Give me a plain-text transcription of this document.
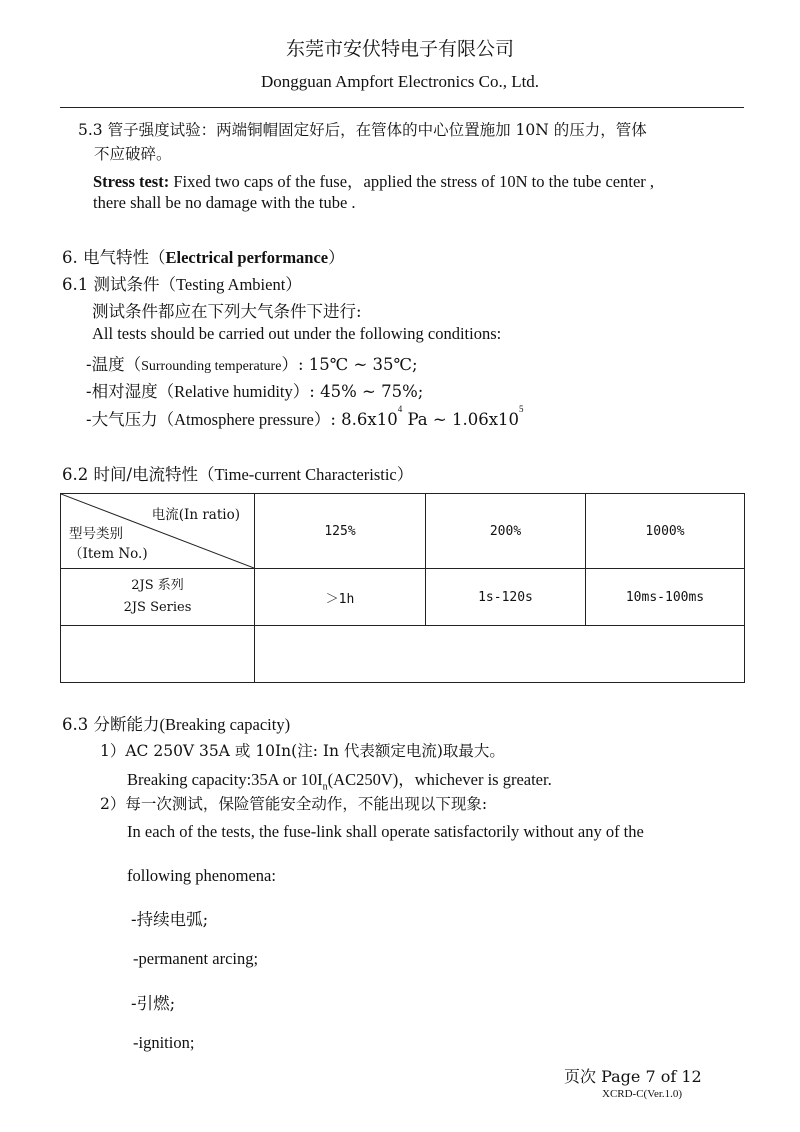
东莞市安伏特电子有限公司
Dongguan Ampfort Electronics Co., Ltd.
5.3 管子强度试验：两端铜帽固定好后，在管体的中心位置施加 10N 的压力，管体
不应破碎。
Stress test: Fixed two caps of the fuse，applied the stress of 10N to the tube center ,
there shall be no damage with the tube .
6. 电气特性（Electrical performance）
6.1 测试条件（Testing Ambient）
测试条件都应在下列大气条件下进行:
All tests should be carried out under the following conditions:
-温度（Surrounding temperature）: 15℃ ~ 35℃;
-相对湿度（Relative humidity）: 45% ~ 75%;
-大气压力（Atmosphere pressure）: $8.6x10^4$ Pa ~ $1.06x10^5$
6.2 时间/电流特性（Time-current Characteristic）
电流(In ratio)
型号类别
（Item No.)	125%	200%	1000%

2JS 系列
2JS Series	＞1h	1s-120s	10ms-100ms

6.3 分断能力(Breaking capacity)
1）AC 250V 35A 或 10In(注: In 代表额定电流)取最大。
Breaking capacity:35A or $10I_n(AC250V)$，whichever is greater.
2）每一次测试，保险管能安全动作，不能出现以下现象:
In each of the tests, the fuse-link shall operate satisfactorily without any of the
following phenomena:
-持续电弧;
-permanent arcing;
-引燃;
-ignition;
页次 Page 7 of 12
XCRD-C(Ver.1.0)
